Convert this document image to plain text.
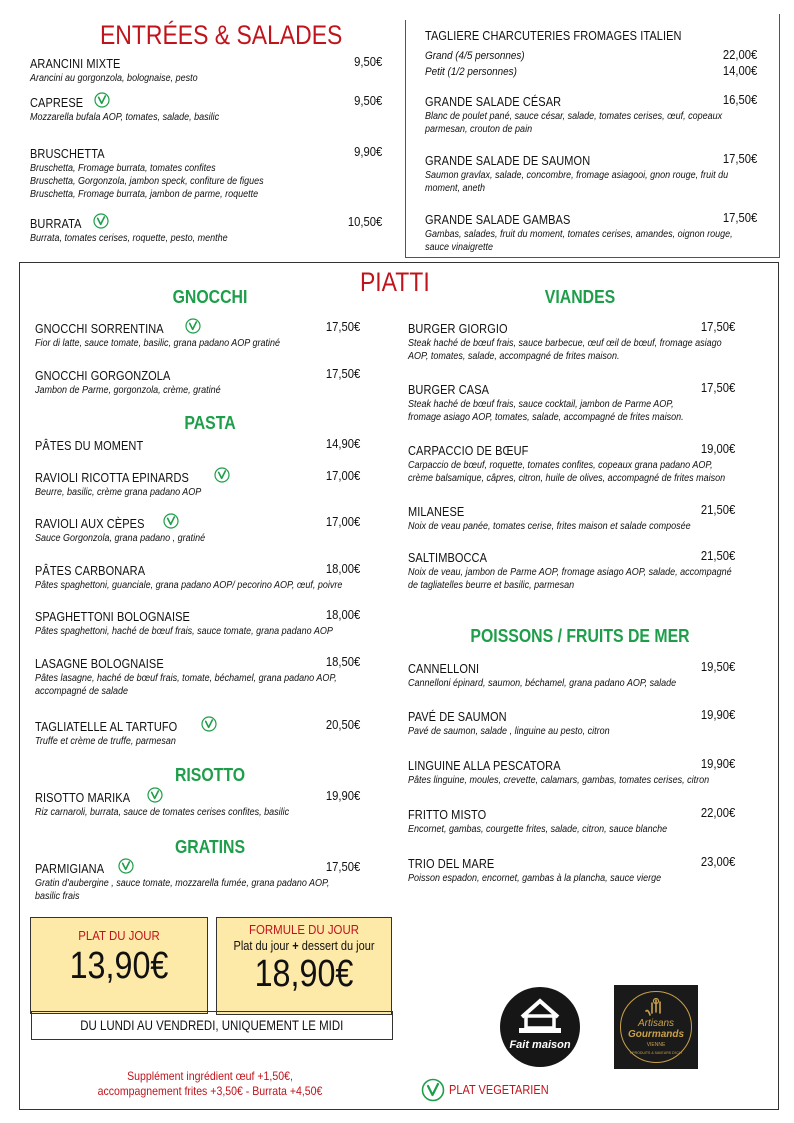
ENTRÉES & SALADES
ARANCINI MIXTE	9,50€
Arancini au gorgonzola, bolognaise, pesto
CAPRESE	9,50€
Mozzarella bufala AOP, tomates, salade, basilic
BRUSCHETTA	9,90€
Bruschetta, Fromage burrata, tomates confites
Bruschetta, Gorgonzola, jambon speck, confiture de figues
Bruschetta, Fromage burrata, jambon de parme, roquette
BURRATA	10,50€
Burrata, tomates cerises, roquette, pesto, menthe
GRANDE SALADE CÉSAR	16,50€
Blanc de poulet pané, sauce césar, salade, tomates cerises, œuf, copeaux
parmesan, crouton de pain
GRANDE SALADE DE SAUMON	17,50€
Saumon gravlax, salade, concombre, fromage asiagooi, gnon rouge, fruit du
moment, aneth
GRANDE SALADE GAMBAS	17,50€
Gambas, salades, fruit du moment, tomates cerises, amandes, oignon rouge,
sauce vinaigrette
TAGLIERE CHARCUTERIES FROMAGES ITALIEN
Grand (4/5 personnes)	22,00€
Petit (1/2 personnes)	14,00€
PIATTI
GNOCCHI
PASTA
RISOTTO
GRATINS
VIANDES
POISSONS / FRUITS DE MER
GNOCCHI SORRENTINA	17,50€
Fior di latte, sauce tomate, basilic, grana padano AOP gratiné
GNOCCHI GORGONZOLA	17,50€
Jambon de Parme, gorgonzola, crème, gratiné
PÂTES DU MOMENT	14,90€
RAVIOLI RICOTTA EPINARDS	17,00€
Beurre, basilic, crème grana padano AOP
RAVIOLI AUX CÈPES	17,00€
Sauce Gorgonzola, grana padano , gratiné
PÂTES CARBONARA	18,00€
Pâtes spaghettoni, guanciale, grana padano AOP/ pecorino AOP, œuf, poivre
SPAGHETTONI BOLOGNAISE	18,00€
Pâtes spaghettoni, haché de bœuf frais, sauce tomate, grana padano AOP
LASAGNE BOLOGNAISE	18,50€
Pâtes lasagne, haché de bœuf frais, tomate, béchamel, grana padano AOP,
accompagné de salade
TAGLIATELLE AL TARTUFO	20,50€
Truffe et crème de truffe, parmesan
RISOTTO MARIKA	19,90€
Riz carnaroli, burrata, sauce de tomates cerises confites, basilic
PARMIGIANA	17,50€
Gratin d'aubergine , sauce tomate, mozzarella fumée, grana padano AOP,
basilic frais
BURGER GIORGIO	17,50€
Steak haché de bœuf frais, sauce barbecue, œuf œil de bœuf, fromage asiago
AOP, tomates, salade, accompagné de frites maison.
BURGER CASA	17,50€
Steak haché de bœuf frais, sauce cocktail, jambon de Parme AOP,
fromage asiago AOP, tomates, salade, accompagné de frites maison.
CARPACCIO DE BŒUF	19,00€
Carpaccio de bœuf, roquette, tomates confites, copeaux grana padano AOP,
crème balsamique, câpres, citron, huile de olives, accompagné de frites maison
MILANESE	21,50€
Noix de veau panée, tomates cerise, frites maison et salade composée
SALTIMBOCCA	21,50€
Noix de veau, jambon de Parme AOP, fromage asiago AOP, salade, accompagné
de tagliatelles beurre et basilic, parmesan
CANNELLONI	19,50€
Cannelloni épinard, saumon, béchamel, grana padano AOP, salade
PAVÉ DE SAUMON	19,90€
Pavé de saumon, salade , linguine au pesto, citron
LINGUINE ALLA PESCATORA	19,90€
Pâtes linguine, moules, crevette, calamars, gambas, tomates cerises, citron
FRITTO MISTO	22,00€
Encornet, gambas, courgette frites, salade, citron, sauce blanche
TRIO DEL MARE	23,00€
Poisson espadon, encornet, gambas à la plancha, sauce vierge
PLAT DU JOUR
13,90€
FORMULE DU JOUR
Plat du jour + dessert du jour
18,90€
DU LUNDI AU VENDREDI, UNIQUEMENT LE MIDI
Supplément ingrédient œuf +1,50€,
accompagnement frites +3,50€ - Burrata +4,50€	PLAT VEGETARIEN
Fait maison
Artisans
Gourmands
VIENNE
• PRODUITS & SAVEURS D'ICI •
